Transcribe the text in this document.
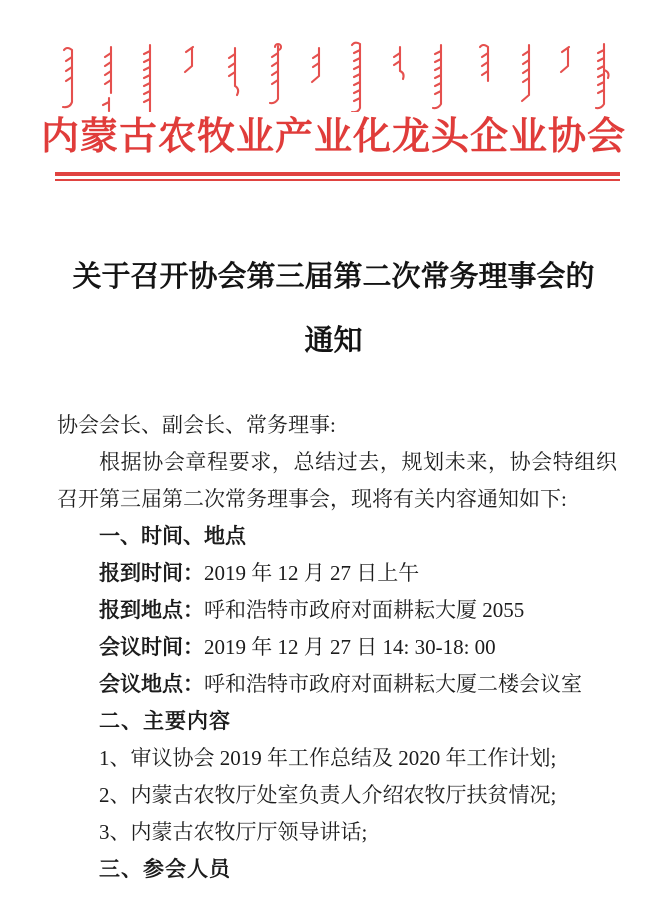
内蒙古农牧业产业化龙头企业协会
关于召开协会第三届第二次常务理事会的
通知
协会会长、副会长、常务理事:

根据协会章程要求，总结过去，规划未来，协会特组织召开第三届第二次常务理事会，现将有关内容通知如下:

一、时间、地点
报到时间：2019 年 12 月 27 日上午
报到地点：呼和浩特市政府对面耕耘大厦 2055
会议时间：2019 年 12 月 27 日 14: 30-18: 00
会议地点：呼和浩特市政府对面耕耘大厦二楼会议室
二、主要内容
1、审议协会 2019 年工作总结及 2020 年工作计划;
2、内蒙古农牧厅处室负责人介绍农牧厅扶贫情况;
3、内蒙古农牧厅厅领导讲话;
三、参会人员
